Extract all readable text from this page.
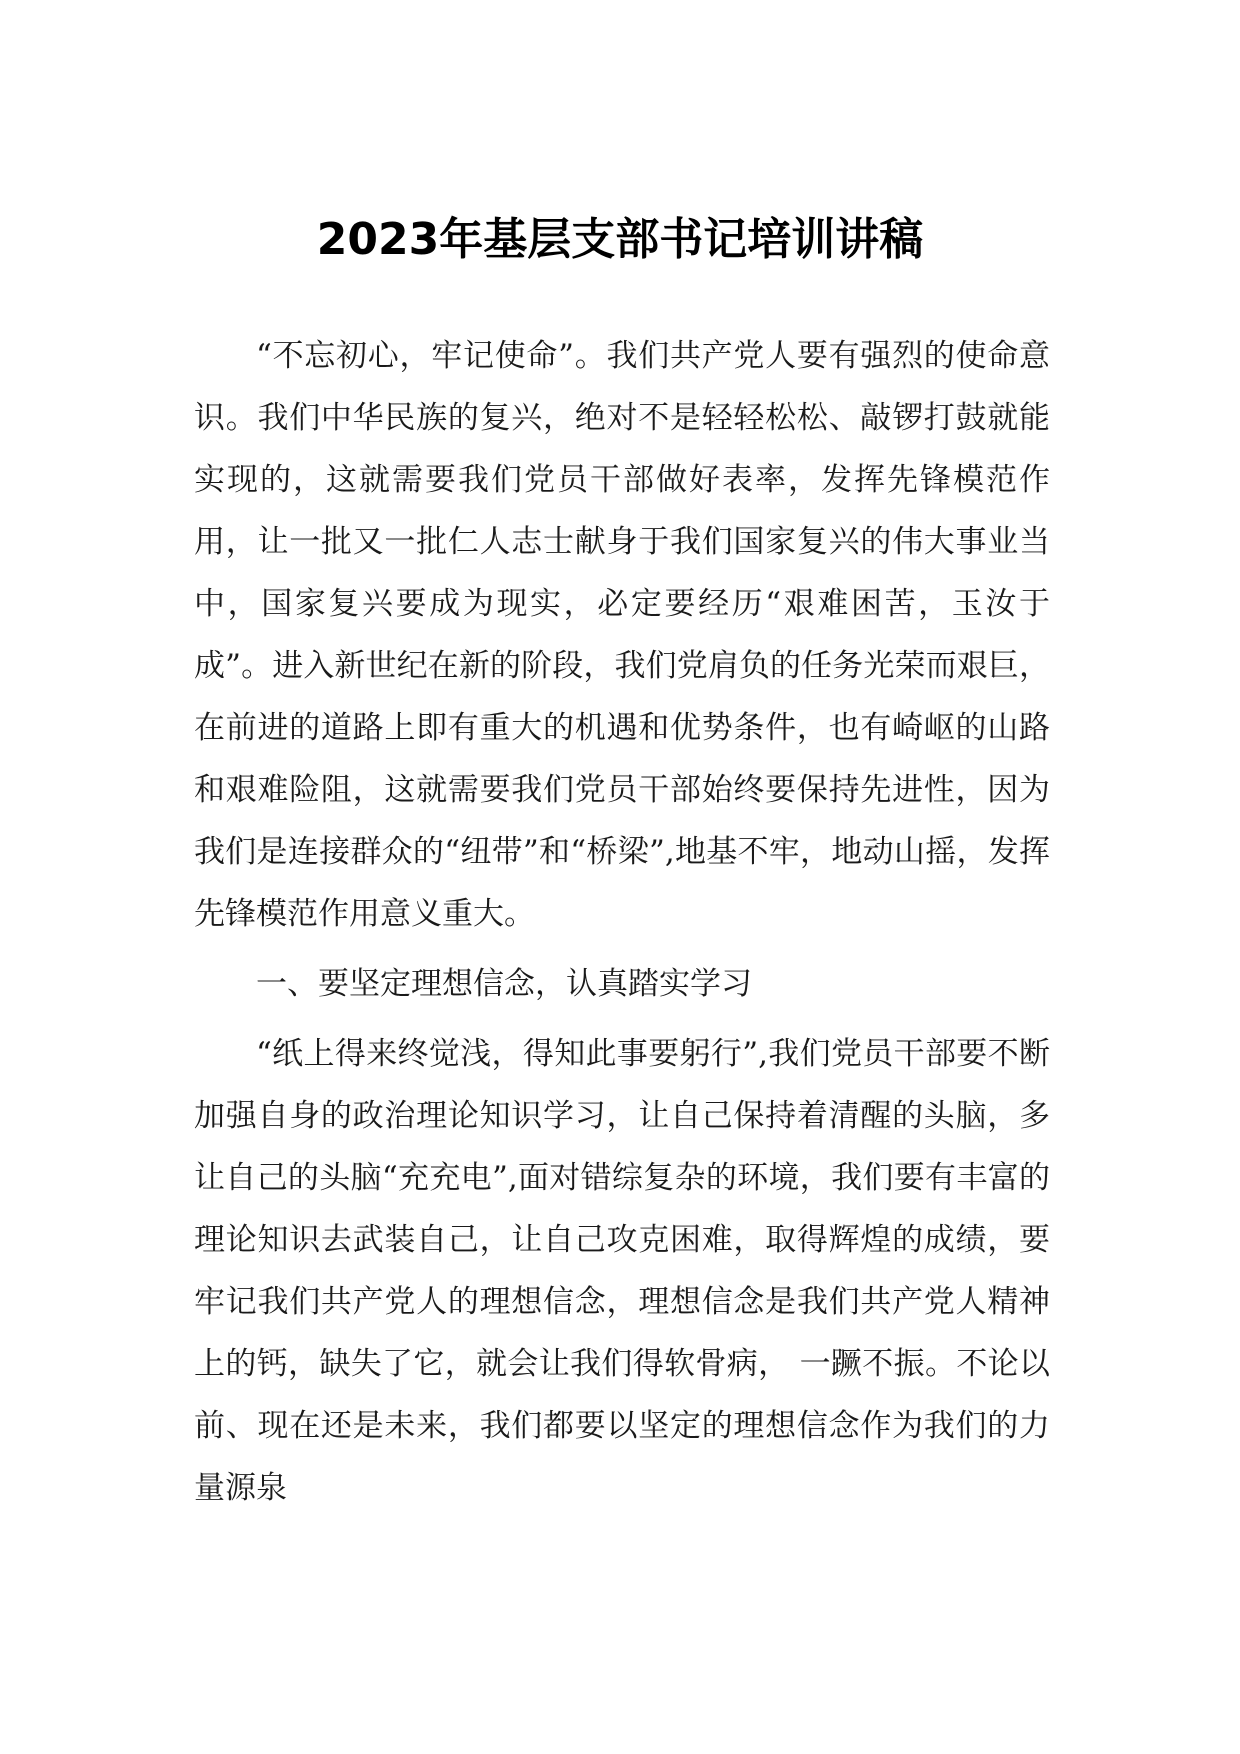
2023年基层支部书记培训讲稿

“不忘初心，牢记使命”。我们共产党人要有强烈的使命意识。我们中华民族的复兴，绝对不是轻轻松松、敲锣打鼓就能实现的，这就需要我们党员干部做好表率，发挥先锋模范作用，让一批又一批仁人志士献身于我们国家复兴的伟大事业当中，国家复兴要成为现实，必定要经历“艰难困苦，玉汝于成”。进入新世纪在新的阶段，我们党肩负的任务光荣而艰巨，在前进的道路上即有重大的机遇和优势条件，也有崎岖的山路和艰难险阻，这就需要我们党员干部始终要保持先进性，因为我们是连接群众的“纽带”和“桥梁”,地基不牢，地动山摇，发挥先锋模范作用意义重大。

一、要坚定理想信念，认真踏实学习

“纸上得来终觉浅，得知此事要躬行”,我们党员干部要不断加强自身的政治理论知识学习，让自己保持着清醒的头脑，多让自己的头脑“充充电”,面对错综复杂的环境，我们要有丰富的理论知识去武装自己，让自己攻克困难，取得辉煌的成绩，要牢记我们共产党人的理想信念，理想信念是我们共产党人精神上的钙，缺失了它，就会让我们得软骨病， 一蹶不振。不论以前、现在还是未来，我们都要以坚定的理想信念作为我们的力量源泉
